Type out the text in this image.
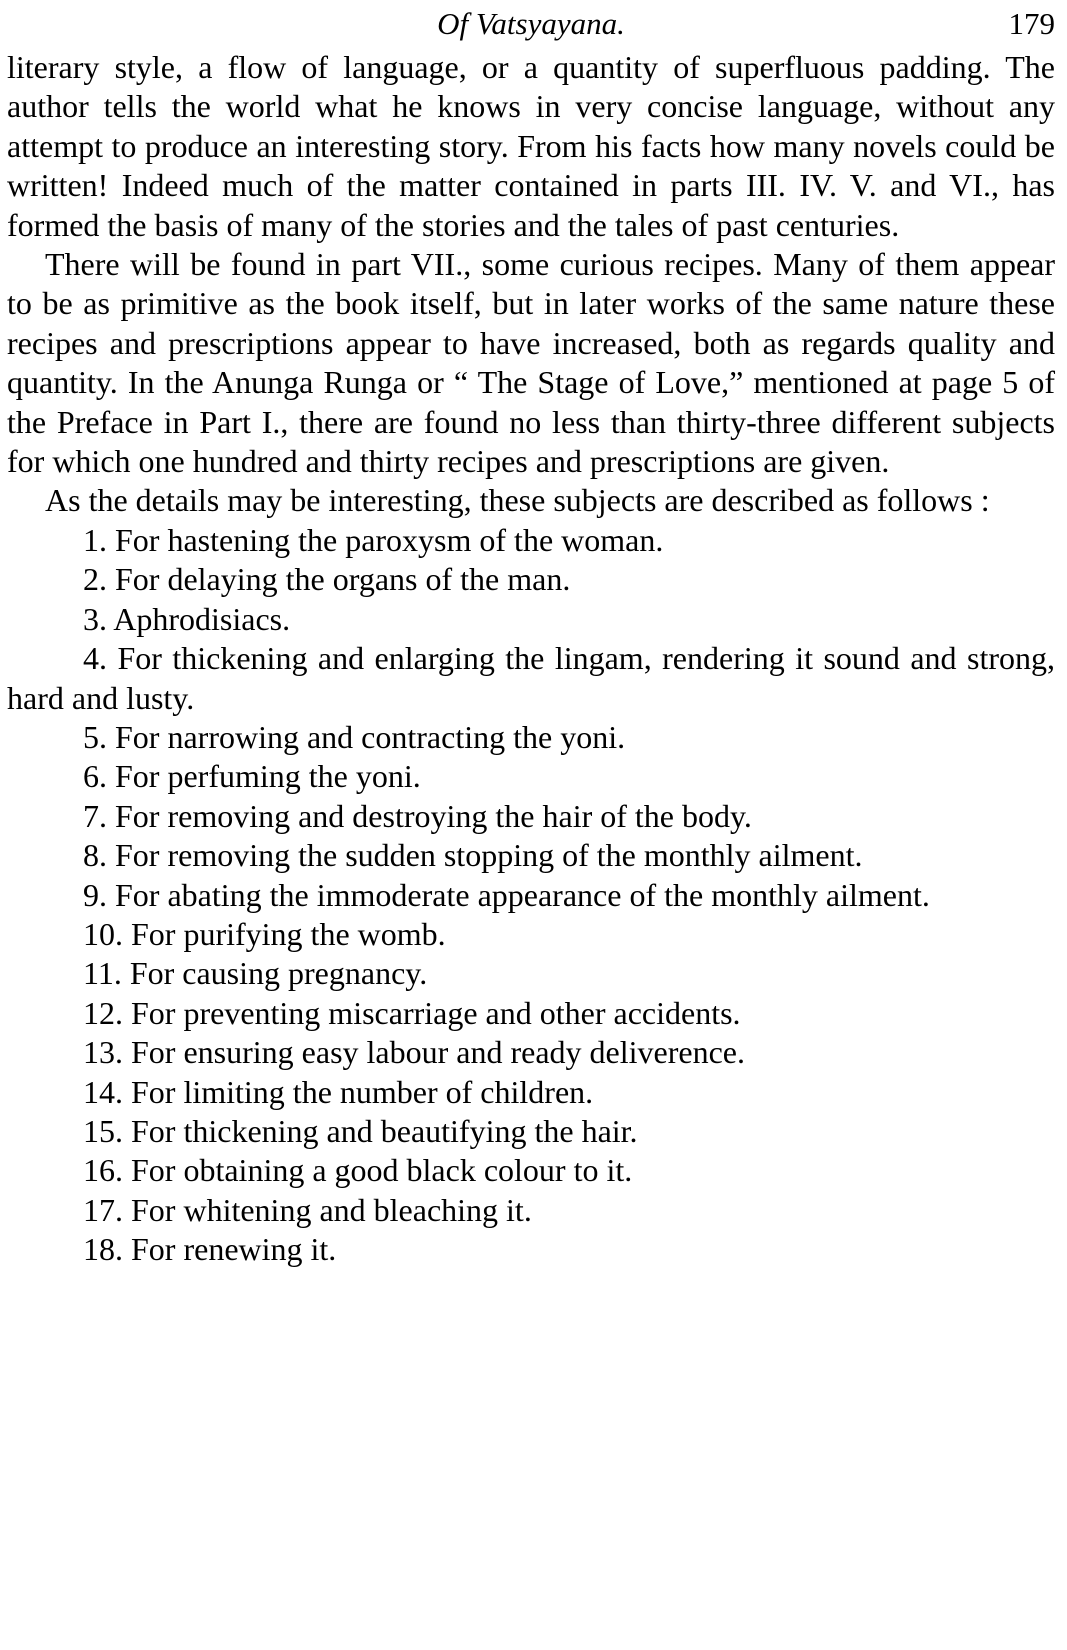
Of Vatsyayana.	179

literary style, a flow of language, or a quantity of superfluous padding. The author tells the world what he knows in very concise language, without any attempt to produce an interesting story. From his facts how many novels could be written! Indeed much of the matter contained in parts III. IV. V. and VI., has formed the basis of many of the stories and the tales of past centuries.

There will be found in part VII., some curious recipes. Many of them appear to be as primitive as the book itself, but in later works of the same nature these recipes and prescriptions appear to have increased, both as regards quality and quantity. In the Anunga Runga or “ The Stage of Love,” mentioned at page 5 of the Preface in Part I., there are found no less than thirty-three different subjects for which one hundred and thirty recipes and prescriptions are given.

As the details may be interesting, these subjects are described as follows :

1. For hastening the paroxysm of the woman.

2. For delaying the organs of the man.

3. Aphrodisiacs.

4. For thickening and enlarging the lingam, rendering it sound and strong, hard and lusty.

5. For narrowing and contracting the yoni.

6. For perfuming the yoni.

7. For removing and destroying the hair of the body.

8. For removing the sudden stopping of the monthly ailment.

9. For abating the immoderate appearance of the monthly ailment.

10. For purifying the womb.

11. For causing pregnancy.

12. For preventing miscarriage and other accidents.

13. For ensuring easy labour and ready deliverence.

14. For limiting the number of children.

15. For thickening and beautifying the hair.

16. For obtaining a good black colour to it.

17. For whitening and bleaching it.

18. For renewing it.
